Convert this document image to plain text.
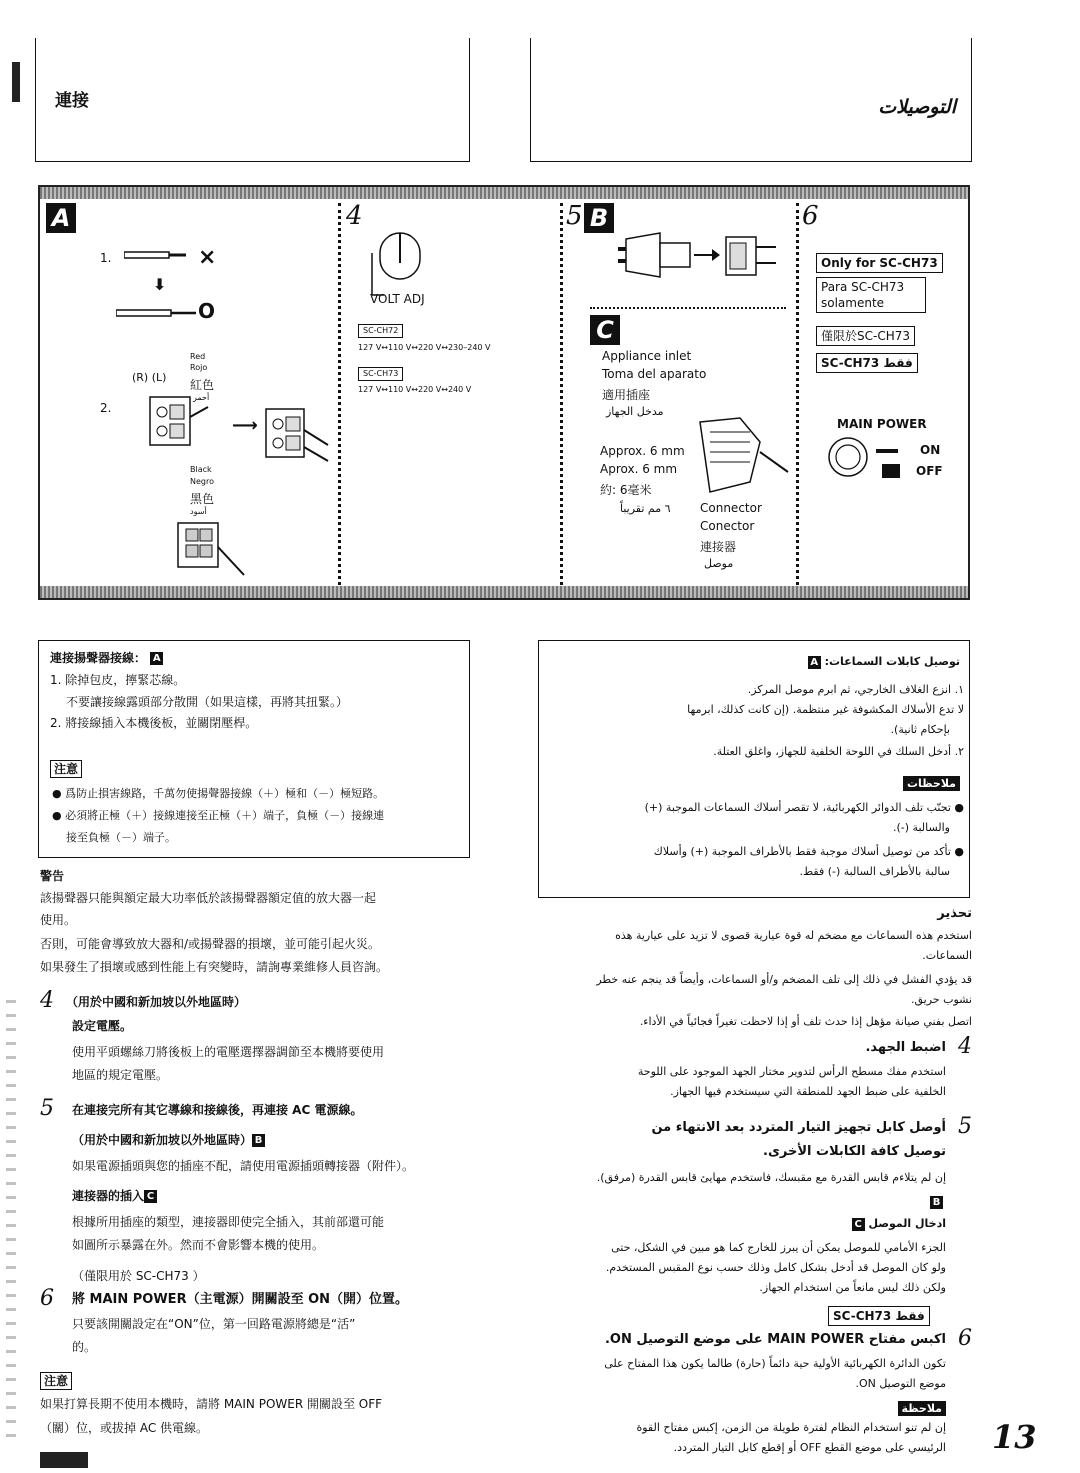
連接	التوصيلات
A
1.	×
⬇
O
Red
Rojo
紅色
أحمر
(R) (L)
2.
⟶
Black
Negro
黑色
أسود
4
VOLT ADJ
SC-CH72
127 V↔110 V↔220 V↔230–240 V
SC-CH73
127 V↔110 V↔220 V↔240 V
5 B
C
Appliance inlet
Toma del aparato
適用插座
مدخل الجهاز
Approx. 6 mm
Aprox. 6 mm
約: 6毫米
٦ مم تقريباً Connector
Conector
連接器
موصل
6
Only for SC-CH73
Para SC-CH73
solamente
僅限於SC-CH73
SC-CH73 فقط
MAIN POWER
ON
OFF
連接揚聲器接線： A
1. 除掉包皮，擰緊芯線。
不要讓接線露頭部分散開（如果這樣，再將其扭緊。）
2. 將接線插入本機後板，並關閉壓桿。
注意
● 爲防止損害線路，千萬勿使揚聲器接線（＋）極和（－）極短路。
● 必須將正極（＋）接線連接至正極（＋）端子，負極（－）接線連
接至負極（－）端子。
توصيل كابلات السماعات: A
١. انزع الغلاف الخارجي، ثم ابرم موصل المركز.
لا تدع الأسلاك المكشوفة غير منتظمة. (إن كانت كذلك، ابرمها
بإحكام ثانية).
٢. أدخل السلك في اللوحة الخلفية للجهاز، واغلق العتلة.
ملاحظات
● تجنّب تلف الدوائر الكهربائية، لا تقصر أسلاك السماعات الموجبة (+)
والسالبة (-).
● تأكد من توصيل أسلاك موجبة فقط بالأطراف الموجبة (+) وأسلاك
سالبة بالأطراف السالبة (-) فقط.
警告
該揚聲器只能與額定最大功率低於該揚聲器額定值的放大器一起
使用。
否則，可能會導致放大器和/或揚聲器的損壞，並可能引起火災。
如果發生了損壞或感到性能上有突變時，請詢專業維修人員咨詢。
4 （用於中國和新加坡以外地區時）
設定電壓。
使用平頭螺絲刀將後板上的電壓選擇器調節至本機將要使用
地區的規定電壓。
5 在連接完所有其它導線和接線後，再連接 AC 電源線。
（用於中國和新加坡以外地區時） B
如果電源插頭與您的插座不配，請使用電源插頭轉接器（附件）。
連接器的插入 C
根據所用插座的類型，連接器即使完全插入，其前部還可能
如圖所示暴露在外。然而不會影響本機的使用。
（僅限用於 SC-CH73 ）
6 將 MAIN POWER（主電源）開關設至 ON（開）位置。
只要該開關設定在“ON”位，第一回路電源將總是“活”
的。
注意
如果打算長期不使用本機時，請將 MAIN POWER 開關設至 OFF
（關）位，或拔掉 AC 供電線。
تحذير
استخدم هذه السماعات مع مضخم له قوة عيارية قصوى لا تزيد على عيارية هذه
السماعات.
قد يؤدي الفشل في ذلك إلى تلف المضخم و/أو السماعات، وأيضاً قد ينجم عنه خطر
نشوب حريق.
اتصل بفني صيانة مؤهل إذا حدث تلف أو إذا لاحظت تغيراً فجائياً في الأداء.
4
اضبط الجهد.
استخدم مفك مسطح الرأس لتدوير مختار الجهد الموجود على اللوحة
الخلفية على ضبط الجهد للمنطقة التي سيستخدم فيها الجهاز.
5
أوصل كابل تجهيز التيار المتردد بعد الانتهاء من
توصيل كافة الكابلات الأخرى.
إن لم يتلاءم قابس القدرة مع مقبسك، فاستخدم مهايئ قابس القدرة (مرفق).
B
ادخال الموصل C
الجزء الأمامي للموصل يمكن أن يبرز للخارج كما هو مبين في الشكل، حتى
ولو كان الموصل قد أدخل بشكل كامل وذلك حسب نوع المقبس المستخدم.
ولكن ذلك ليس مانعاً من استخدام الجهاز.
SC-CH73 فقط
6
اكبس مفتاح MAIN POWER على موضع التوصيل ON.
تكون الدائرة الكهربائية الأولية حية دائماً (حارة) طالما يكون هذا المفتاح على
موضع التوصيل ON.
ملاحظة
إن لم تنو استخدام النظام لفترة طويلة من الزمن، إكبس مفتاح القوة
الرئيسي على موضع القطع OFF أو إقطع كابل التيار المتردد. 13
